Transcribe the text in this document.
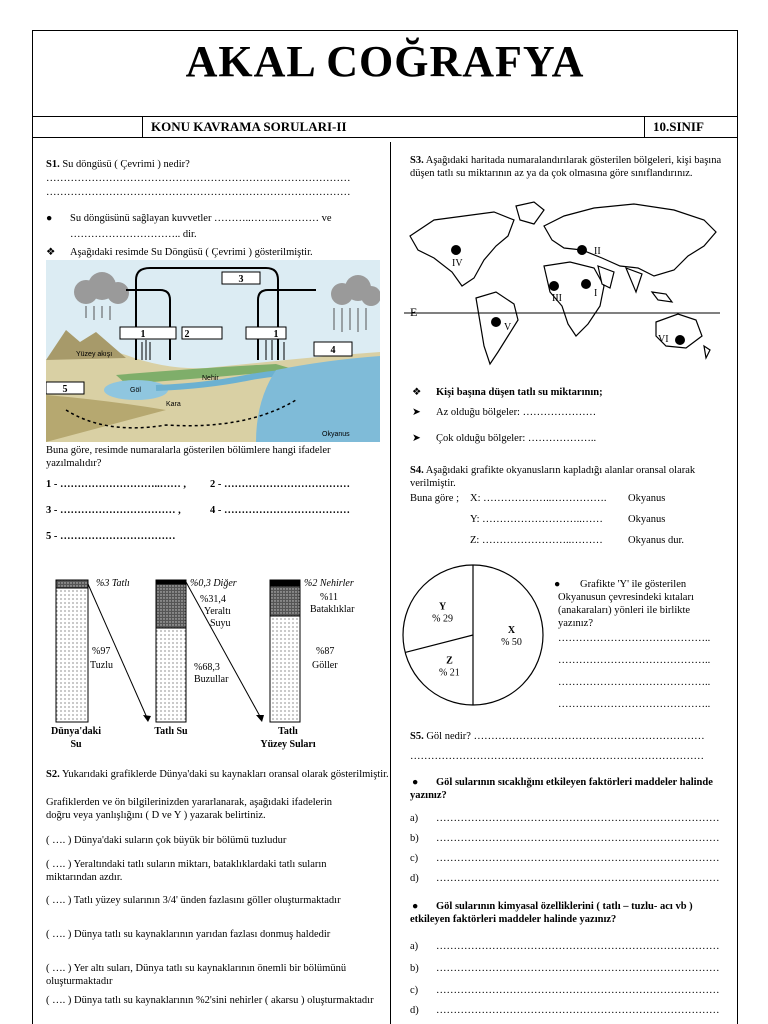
AKAL COĞRAFYA
KONU KAVRAMA SORULARI-II	10.SINIF
S1. Su döngüsü ( Çevrimi ) nedir?
……………………………………………………………………………
……………………………………………………………………………
● Su döngüsünü sağlayan kuvvetler ………..……..………… ve
………………………….. dir.
❖ Aşağıdaki resimde Su Döngüsü ( Çevrimi ) gösterilmiştir.
3
1	2	1
4
5
Yüzey akışı
Göl
Nehir
Kara
Okyanus
Buna göre, resimde numaralarla gösterilen bölümlere hangi ifadeler yazılmalıdır?
1 - ………………………..…… , 2 - ………………………………
3 - …………………………… ,	4 - ………………………………
5 - ……………………………
%3 Tatlı
%97
Tuzlu
%0,3 Diğer
%31,4
Yeraltı
Suyu
%68,3
Buzullar
%2 Nehirler
%11
Bataklıklar
%87
Göller
Dünya'daki
Su
Tatlı Su	Tatlı
Yüzey Suları
S2. Yukarıdaki grafiklerde Dünya'daki su kaynakları oransal olarak gösterilmiştir.
Grafiklerden ve ön bilgilerinizden yararlanarak, aşağıdaki ifadelerin
doğru veya yanlışlığını ( D ve Y ) yazarak belirtiniz.
( …. ) Dünya'daki suların çok büyük bir bölümü tuzludur
( …. ) Yeraltındaki tatlı suların miktarı, bataklıklardaki tatlı suların miktarından azdır.
( …. ) Tatlı yüzey sularının 3/4' ünden fazlasını göller oluşturmaktadır
( …. ) Dünya tatlı su kaynaklarının yarıdan fazlası donmuş haldedir
( …. ) Yer altı suları, Dünya tatlı su kaynaklarının önemli bir bölümünü oluşturmaktadır
( …. ) Dünya tatlı su kaynaklarının %2'sini nehirler ( akarsu ) oluşturmaktadır
S3. Aşağıdaki haritada numaralandırılarak gösterilen bölgeleri, kişi başına düşen tatlı su miktarının az ya da çok olmasına göre sınıflandırınız.
IV
II
I
III
V
VI
E
❖ Kişi başına düşen tatlı su miktarının;
➤ Az olduğu bölgeler: …………………
➤ Çok olduğu bölgeler: ………………..
S4. Aşağıdaki grafikte okyanusların kapladığı alanlar oransal olarak verilmiştir.
Buna göre ; X: ………………..……………. Okyanus
Y: ………………………..…… Okyanus
Z: ……………………..……… Okyanus dur.
X
% 50
Z
% 21
Y
% 29
●	Grafikte 'Y' ile gösterilen Okyanusun çevresindeki kıtaları (anakaraları) yönleri ile birlikte yazınız?
……………………………………..
……………………………………..
……………………………………..
……………………………………..
S5. Göl nedir? …………………………………………………………
…………………………………………………………………………
●	Göl sularının sıcaklığını etkileyen faktörleri maddeler halinde yazınız?
a) ………………………………………………………………………
b) ………………………………………………………………………
c) ………………………………………………………………………
d) ………………………………………………………………………
●	Göl sularının kimyasal özelliklerini ( tatlı – tuzlu- acı vb ) etkileyen faktörleri maddeler halinde yazınız?
a) ………………………………………………………………………
b) ………………………………………………………………………
c) ………………………………………………………………………
d) ………………………………………………………………………
